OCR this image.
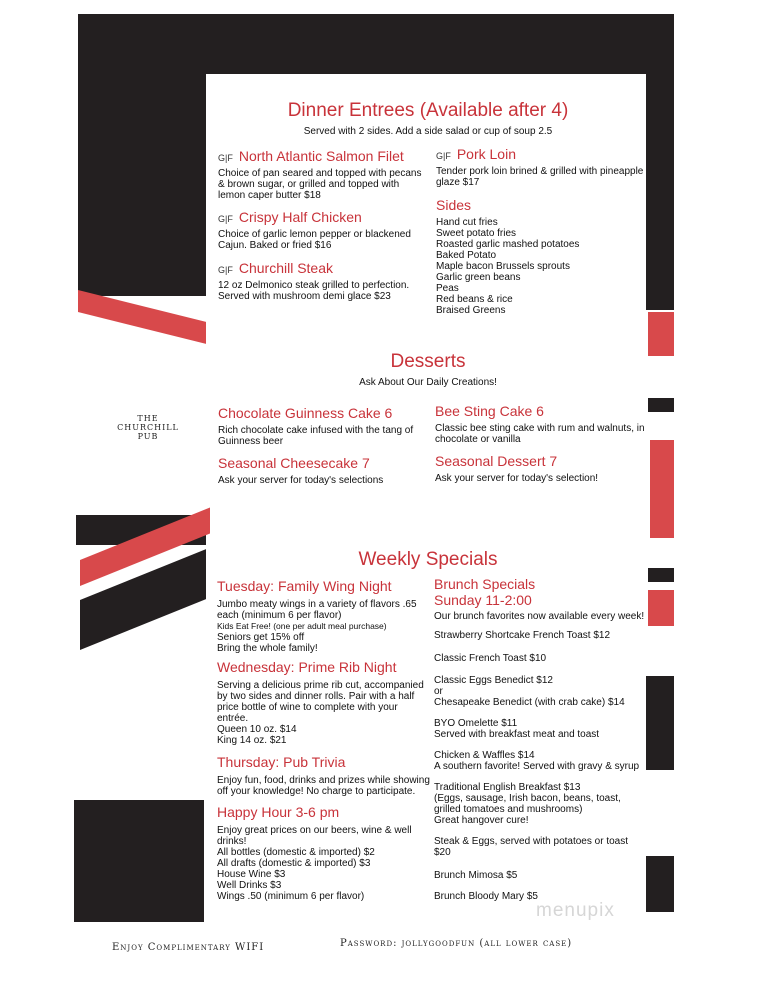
THE
CHURCHILL
PUB
Dinner Entrees (Available after 4)
Served with 2 sides. Add a side salad or cup of soup 2.5
G|F North Atlantic Salmon Filet
Choice of pan seared and topped with pecans
& brown sugar, or grilled and topped with
lemon caper butter $18
G|F Crispy Half Chicken
Choice of garlic lemon pepper or blackened
Cajun. Baked or fried $16
G|F Churchill Steak
12 oz Delmonico steak grilled to perfection.
Served with mushroom demi glace $23
G|F Pork Loin
Tender pork loin brined & grilled with pineapple
glaze $17
Sides
Hand cut fries
Sweet potato fries
Roasted garlic mashed potatoes
Baked Potato
Maple bacon Brussels sprouts
Garlic green beans
Peas
Red beans & rice
Braised Greens
Desserts
Ask About Our Daily Creations!
Chocolate Guinness Cake 6
Rich chocolate cake infused with the tang of
Guinness beer
Seasonal Cheesecake 7
Ask your server for today's selections
Bee Sting Cake 6
Classic bee sting cake with rum and walnuts, in
chocolate or vanilla
Seasonal Dessert 7
Ask your server for today's selection!
Weekly Specials
Tuesday: Family Wing Night
Jumbo meaty wings in a variety of flavors .65
each (minimum 6 per flavor)
Kids Eat Free! (one per adult meal purchase)
Seniors get 15% off
Bring the whole family!
Wednesday: Prime Rib Night
Serving a delicious prime rib cut, accompanied
by two sides and dinner rolls. Pair with a half
price bottle of wine to complete with your
entrée.
Queen 10 oz. $14
King 14 oz. $21
Thursday: Pub Trivia
Enjoy fun, food, drinks and prizes while showing
off your knowledge! No charge to participate.
Happy Hour 3-6 pm
Enjoy great prices on our beers, wine & well
drinks!
All bottles (domestic & imported) $2
All drafts (domestic & imported) $3
House Wine $3
Well Drinks $3
Wings .50 (minimum 6 per flavor)
Brunch Specials
Sunday 11-2:00
Our brunch favorites now available every week!
Strawberry Shortcake French Toast $12
Classic French Toast $10
Classic Eggs Benedict $12
or
Chesapeake Benedict (with crab cake) $14
BYO Omelette $11
Served with breakfast meat and toast
Chicken & Waffles $14
A southern favorite! Served with gravy & syrup
Traditional English Breakfast $13
(Eggs, sausage, Irish bacon, beans, toast,
grilled tomatoes and mushrooms)
Great hangover cure!
Steak & Eggs, served with potatoes or toast
$20
Brunch Mimosa $5
Brunch Bloody Mary $5
menupix
Enjoy Complimentary WIFI	Password: jollygoodfun (all lower case)
